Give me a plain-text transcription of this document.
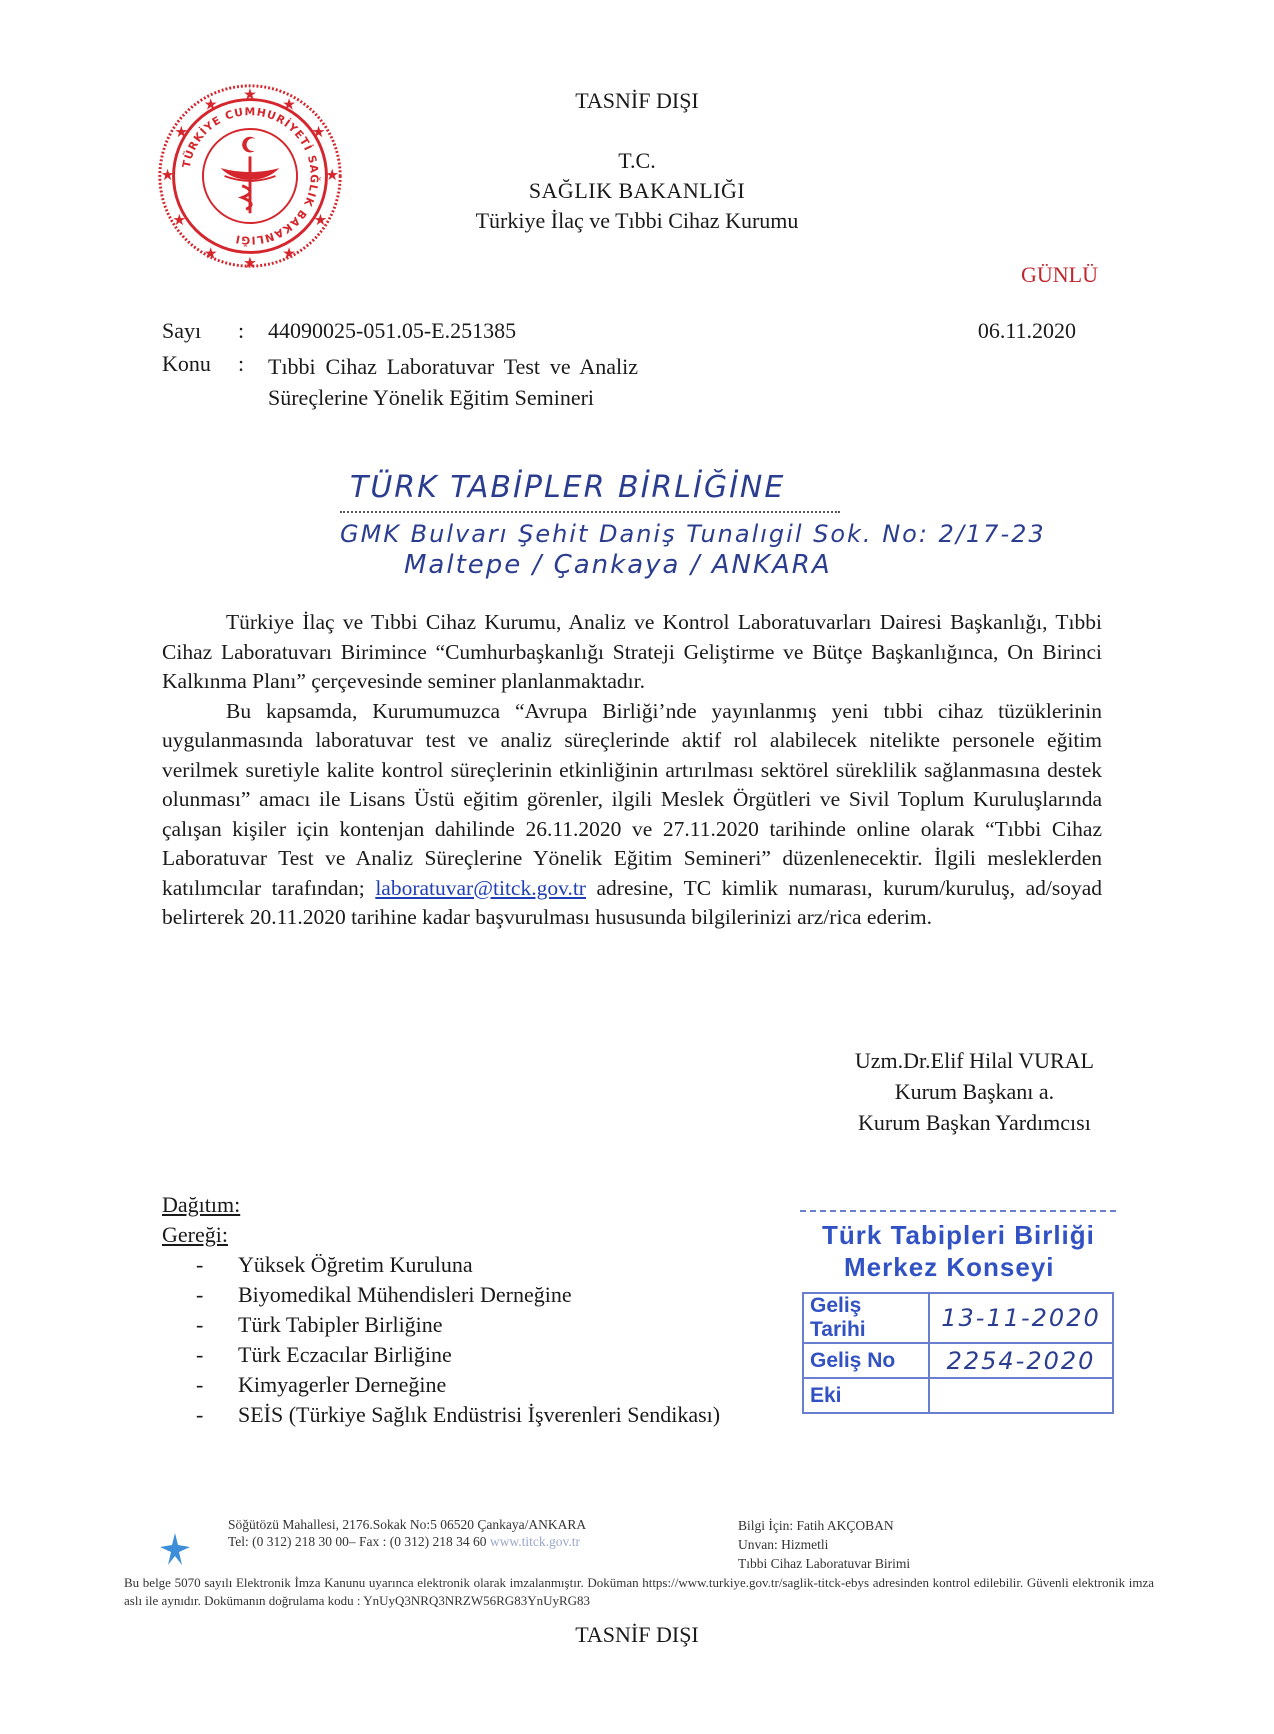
★
★	★
★	★
★	★
★	★
★	★
★
TÜRKİYE CUMHURİYETİ SAĞLIK BAKANLIĞI
TASNİF DIŞI
T.C.
SAĞLIK BAKANLIĞI
Türkiye İlaç ve Tıbbi Cihaz Kurumu
GÜNLÜ
Sayı : 44090025-051.05-E.251385	06.11.2020
Konu : Tıbbi Cihaz Laboratuvar Test ve Analiz Süreçlerine Yönelik Eğitim Semineri
TÜRK TABİPLER BİRLİĞİNE
GMK Bulvarı Şehit Daniş Tunalıgil Sok. No: 2/17-23
Maltepe / Çankaya / ANKARA

Türkiye İlaç ve Tıbbi Cihaz Kurumu, Analiz ve Kontrol Laboratuvarları Dairesi Başkanlığı, Tıbbi Cihaz Laboratuvarı Birimince “Cumhurbaşkanlığı Strateji Geliştirme ve Bütçe Başkanlığınca, On Birinci Kalkınma Planı” çerçevesinde seminer planlanmaktadır.

Bu kapsamda, Kurumumuzca “Avrupa Birliği’nde yayınlanmış yeni tıbbi cihaz tüzüklerinin uygulanmasında laboratuvar test ve analiz süreçlerinde aktif rol alabilecek nitelikte personele eğitim verilmek suretiyle kalite kontrol süreçlerinin etkinliğinin artırılması sektörel süreklilik sağlanmasına destek olunması” amacı ile Lisans Üstü eğitim görenler, ilgili Meslek Örgütleri ve Sivil Toplum Kuruluşlarında çalışan kişiler için kontenjan dahilinde 26.11.2020 ve 27.11.2020 tarihinde online olarak “Tıbbi Cihaz Laboratuvar Test ve Analiz Süreçlerine Yönelik Eğitim Semineri” düzenlenecektir. İlgili mesleklerden katılımcılar tarafından; laboratuvar@titck.gov.tr adresine, TC kimlik numarası, kurum/kuruluş, ad/soyad belirterek 20.11.2020 tarihine kadar başvurulması hususunda bilgilerinizi arz/rica ederim.

Uzm.Dr.Elif Hilal VURAL
Kurum Başkanı a.
Kurum Başkan Yardımcısı
Dağıtım:
Gereği:
- Yüksek Öğretim Kuruluna
- Biyomedikal Mühendisleri Derneğine
- Türk Tabipler Birliğine
- Türk Eczacılar Birliğine
- Kimyagerler Derneğine
- SEİS (Türkiye Sağlık Endüstrisi İşverenleri Sendikası)
Türk Tabipleri Birliği
Merkez Konseyi
Geliş Tarihi	13-11-2020
Geliş No	2254-2020
Eki	
Söğütözü Mahallesi, 2176.Sokak No:5 06520 Çankaya/ANKARA
Tel: (0 312) 218 30 00– Fax : (0 312) 218 34 60 www.titck.gov.tr
Bilgi İçin: Fatih AKÇOBAN
Unvan: Hizmetli
Tıbbi Cihaz Laboratuvar Birimi
Bu belge 5070 sayılı Elektronik İmza Kanunu uyarınca elektronik olarak imzalanmıştır. Doküman https://www.turkiye.gov.tr/saglik-titck-ebys adresinden kontrol edilebilir. Güvenli elektronik imza aslı ile aynıdır. Dokümanın doğrulama kodu : YnUyQ3NRQ3NRZW56RG83YnUyRG83
TASNİF DIŞI
